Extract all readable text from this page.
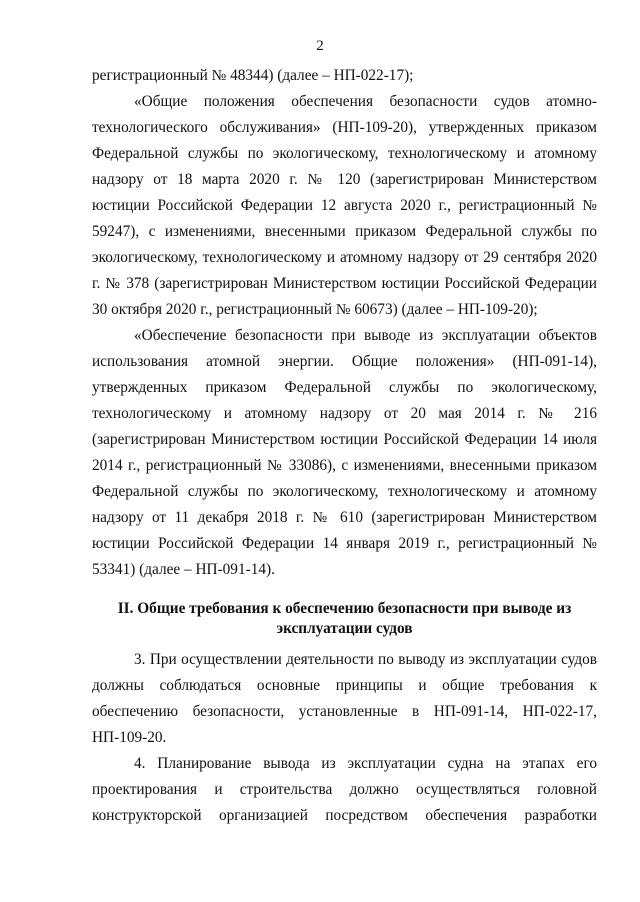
2

регистрационный № 48344) (далее – НП-022-17);

«Общие положения обеспечения безопасности судов атомно-технологического обслуживания» (НП-109-20), утвержденных приказом Федеральной службы по экологическому, технологическому и атомному надзору от 18 марта 2020 г. № 120 (зарегистрирован Министерством юстиции Российской Федерации 12 августа 2020 г., регистрационный № 59247), с изменениями, внесенными приказом Федеральной службы по экологическому, технологическому и атомному надзору от 29 сентября 2020 г. № 378 (зарегистрирован Министерством юстиции Российской Федерации 30 октября 2020 г., регистрационный № 60673) (далее – НП-109-20);

«Обеспечение безопасности при выводе из эксплуатации объектов использования атомной энергии. Общие положения» (НП-091-14), утвержденных приказом Федеральной службы по экологическому, технологическому и атомному надзору от 20 мая 2014 г. № 216 (зарегистрирован Министерством юстиции Российской Федерации 14 июля 2014 г., регистрационный № 33086), с изменениями, внесенными приказом Федеральной службы по экологическому, технологическому и атомному надзору от 11 декабря 2018 г. № 610 (зарегистрирован Министерством юстиции Российской Федерации 14 января 2019 г., регистрационный № 53341) (далее – НП-091-14).

II. Общие требования к обеспечению безопасности при выводе из
эксплуатации судов

3. При осуществлении деятельности по выводу из эксплуатации судов должны соблюдаться основные принципы и общие требования к обеспечению безопасности, установленные в НП-091-14, НП-022-17, НП-109-20.

4. Планирование вывода из эксплуатации судна на этапах его проектирования и строительства должно осуществляться головной конструкторской организацией посредством обеспечения разработки
